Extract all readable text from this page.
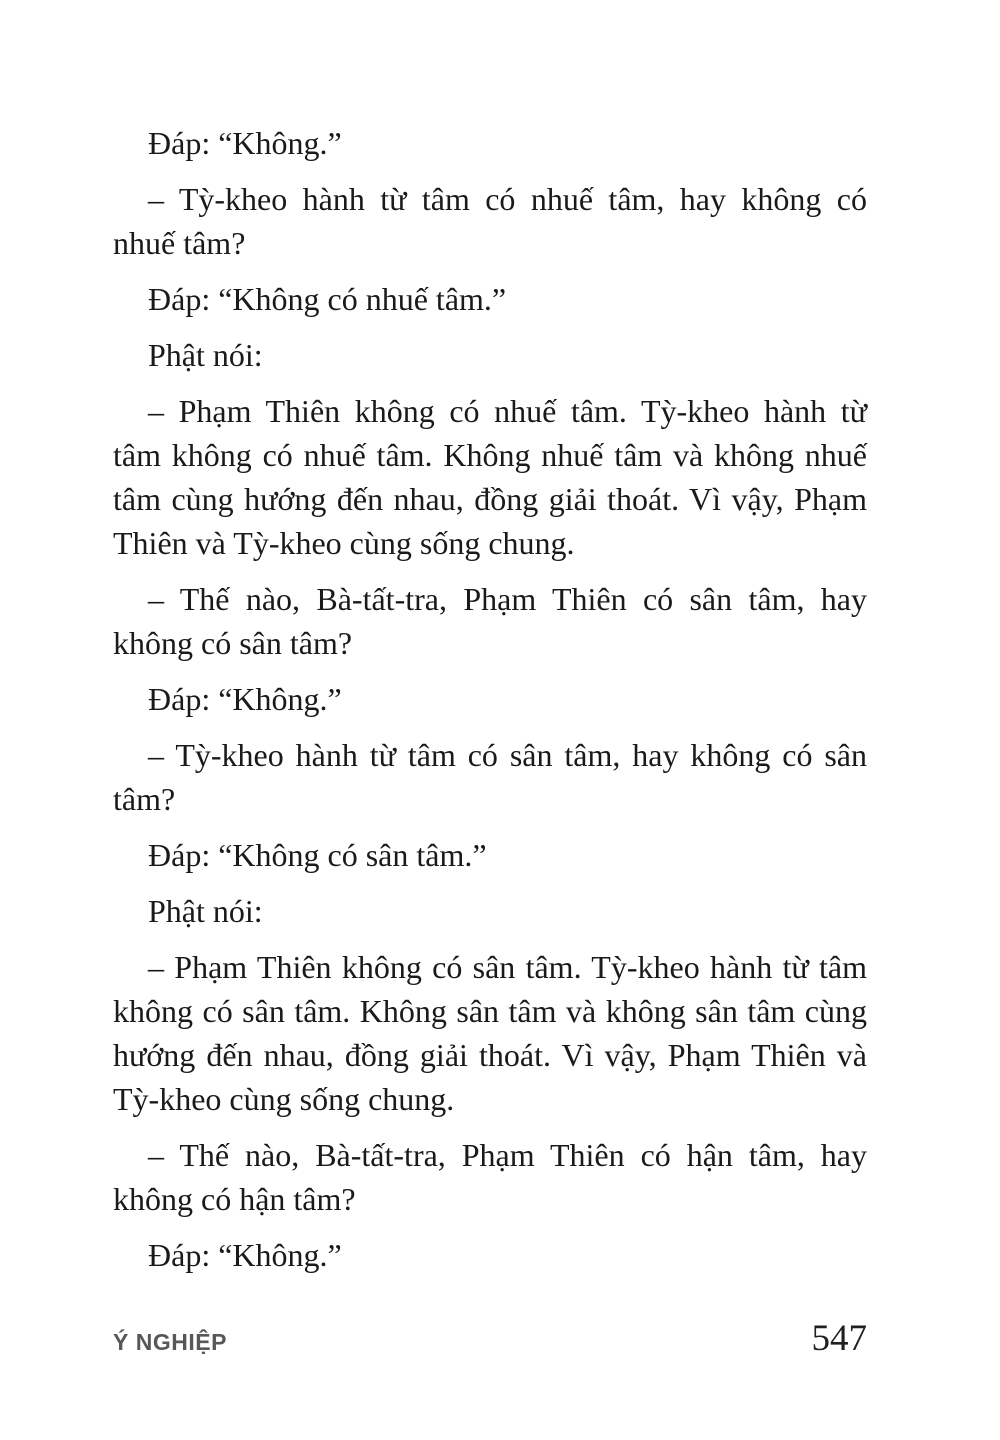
Đáp: “Không.”
– Tỳ-kheo hành từ tâm có nhuế tâm, hay không có
nhuế tâm?
Đáp: “Không có nhuế tâm.”
Phật nói:
– Phạm Thiên không có nhuế tâm. Tỳ-kheo hành từ
tâm không có nhuế tâm. Không nhuế tâm và không nhuế
tâm cùng hướng đến nhau, đồng giải thoát. Vì vậy, Phạm
Thiên và Tỳ-kheo cùng sống chung.
– Thế nào, Bà-tất-tra, Phạm Thiên có sân tâm, hay
không có sân tâm?
Đáp: “Không.”
– Tỳ-kheo hành từ tâm có sân tâm, hay không có sân
tâm?
Đáp: “Không có sân tâm.”
Phật nói:
– Phạm Thiên không có sân tâm. Tỳ-kheo hành từ tâm
không có sân tâm. Không sân tâm và không sân tâm cùng
hướng đến nhau, đồng giải thoát. Vì vậy, Phạm Thiên và
Tỳ-kheo cùng sống chung.
– Thế nào, Bà-tất-tra, Phạm Thiên có hận tâm, hay
không có hận tâm?
Đáp: “Không.”
Ý NGHIỆP	547
